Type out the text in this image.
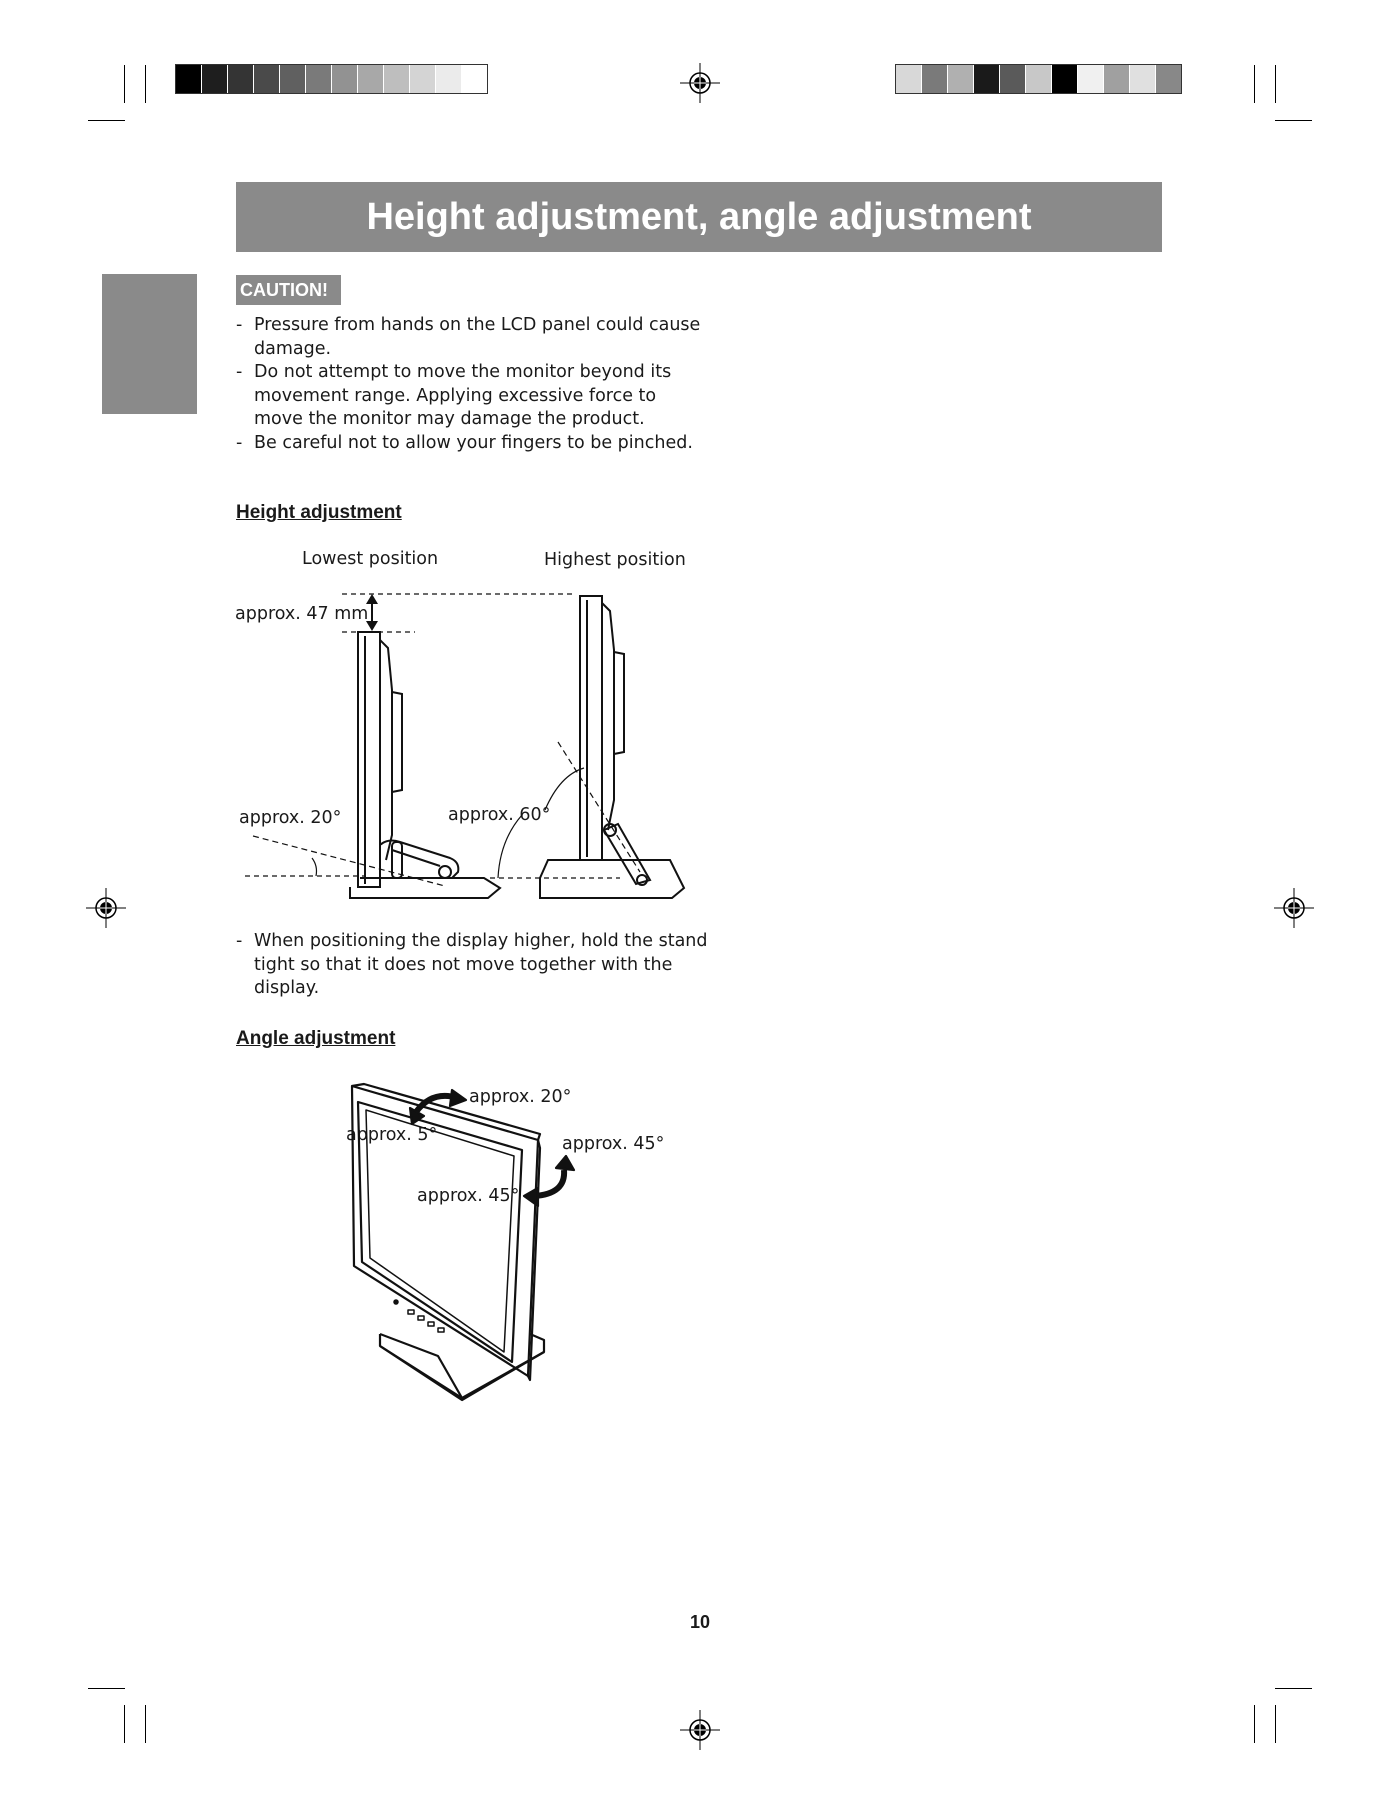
Height adjustment, angle adjustment
CAUTION!
- Pressure from hands on the LCD panel could cause damage.
- Do not attempt to move the monitor beyond its movement range. Applying excessive force to move the monitor may damage the product.
- Be careful not to allow your fingers to be pinched.
Height adjustment
Lowest position	Highest position
approx. 47 mm
approx. 20°	approx. 60°
- When positioning the display higher, hold the stand tight so that it does not move together with the display.
Angle adjustment
approx. 20°
approx. 5°	approx. 45°
approx. 45°
10
